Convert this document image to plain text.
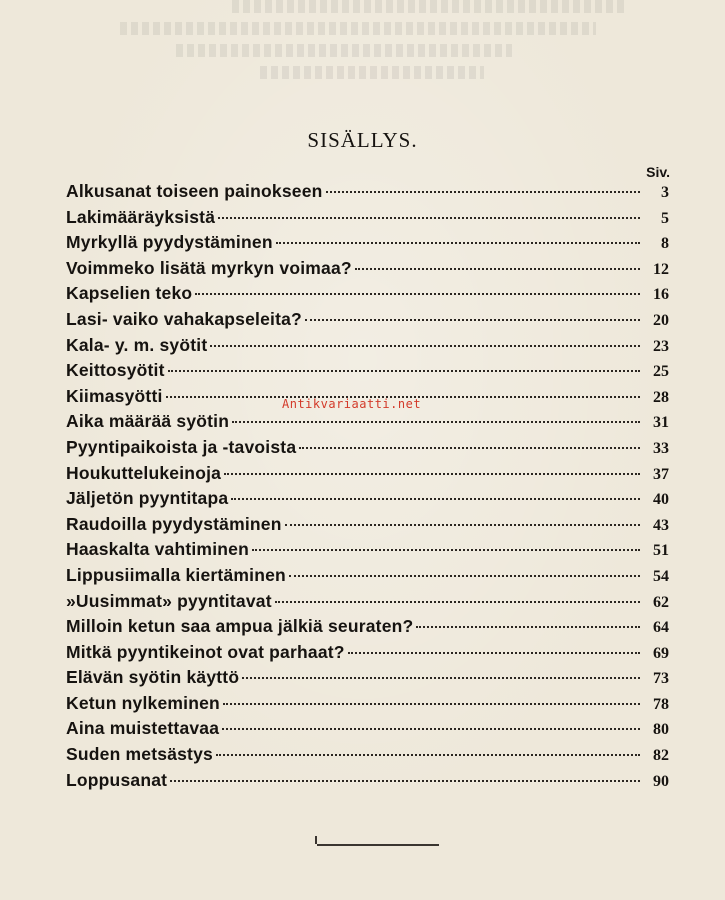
SISÄLLYS.
Siv.
Alkusanat toiseen painokseen	3
Lakimääräyksistä	5
Myrkyllä pyydystäminen	8
Voimmeko lisätä myrkyn voimaa?	12
Kapselien teko	16
Lasi- vaiko vahakapseleita?	20
Kala- y. m. syötit	23
Keittosyötit	25
Kiimasyötti	28
Aika määrää syötin	31
Pyyntipaikoista ja -tavoista	33
Houkuttelukeinoja	37
Jäljetön pyyntitapa	40
Raudoilla pyydystäminen	43
Haaskalta vahtiminen	51
Lippusiimalla kiertäminen	54
»Uusimmat» pyyntitavat	62
Milloin ketun saa ampua jälkiä seuraten?	64
Mitkä pyyntikeinot ovat parhaat?	69
Elävän syötin käyttö	73
Ketun nylkeminen	78
Aina muistettavaa	80
Suden metsästys	82
Loppusanat	90
Antikvariaatti.net
